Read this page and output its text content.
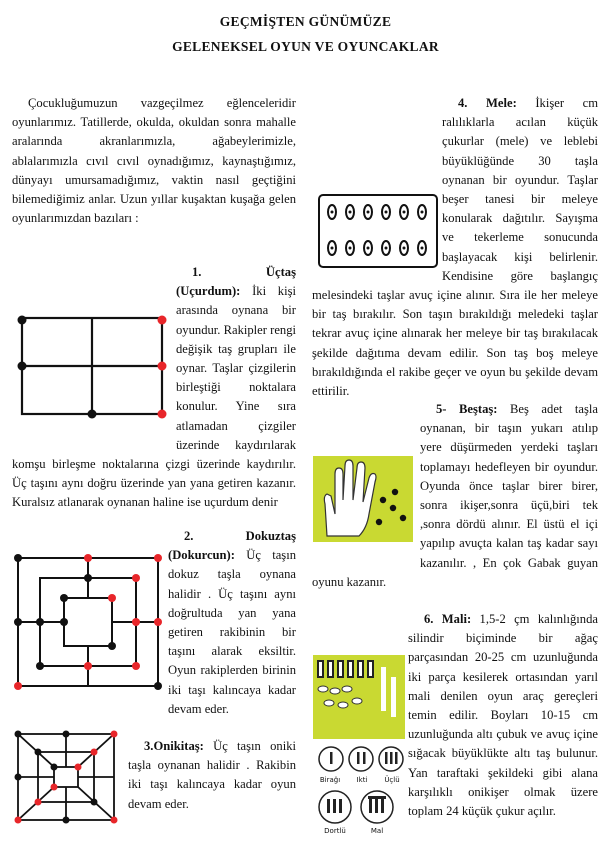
GEÇMİŞTEN GÜNÜMÜZE
GELENEKSEL OYUN VE OYUNCAKLAR
Çocukluğumuzun vazgeçilmez eğlenceleridir oyunlarımız. Tatillerde, okulda, okuldan sonra mahalle aralarında akranlarımızla, ağabeylerimizle, ablalarımızla cıvıl cıvıl oynadığımız, kaynaştığımız, dünyayı umursamadığımız, vaktin nasıl geçtiğini bilemediğimiz anlar. Uzun yıllar kuşaktan kuşağa gelen oyunlarımızdan bazıları :
1. Üçtaş (Uçurdum): İki kişi arasında oynana bir oyundur. Rakipler rengi değişik taş grupları ile oynar. Taşlar çizgilerin birleştiği noktalara konulur. Yine sıra atlamadan çizgiler üzerinde kaydırılarak komşu birleşme noktalarına çizgi üzerinde kaydırılır. Üç taşını aynı doğru üzerinde yan yana getiren kazanır. Kuralsız atlanarak oynanan haline ise uçurdum denir
2. Dokuztaş (Dokurcun): Üç taşın dokuz taşla oynana halidir . Üç taşını aynı doğrultuda yan yana getiren rakibinin bir taşını alarak eksiltir. Oyun rakiplerden birinin iki taşı kalıncaya kadar devam eder.
3.Onikitaş: Üç taşın oniki taşla oynanan halidir . Rakibin iki taşı kalıncaya kadar oyun devam eder.
4. Mele: İkişer cm ralılıklarla acılan küçük çukurlar (mele) ve leblebi büyüklüğünde 30 taşla oynanan bir oyundur. Taşlar beşer tanesi bir meleye konularak dağıtılır. Sayışma ve tekerleme sonucunda başlayacak kişi belirlenir. Kendisine göre başlangıç melesindeki taşlar avuç içine alınır. Sıra ile her meleye bir taş bırakılır. Son taşın bırakıldığı meledeki taşlar tekrar avuç içine alınarak her meleye bir taş bırakılacak şekilde dağıtıma devam edilir. Son taş boş meleye bırakıldığında el rakibe geçer ve oyun bu şekilde devam ettirilir.
5- Beştaş: Beş adet taşla oynanan, bir taşın yukarı atılıp yere düşürmeden yerdeki taşları toplamayı hedefleyen bir oyundur. Oyunda önce taşlar birer birer, sonra ikişer,sonra üçü,biri tek ,sonra dördü alınır. El üstü el içi yapılıp avuçta kalan taş kadar sayı kazanılır. , En çok Gabak guyan oyunu kazanır.
Birağı	Ikti	Üçlü
Dortlü	Mal
6. Mali: 1,5-2 çm kalınlığında silindir biçiminde bir ağaç parçasından 20-25 cm uzunluğunda iki parça kesilerek ortasından yarıl mali denilen oyun araç gereçleri temin edilir. Boyları 10-15 cm uzunluğunda altı çubuk ve avuç içine sığacak büyüklükte altı taş bulunur. Yan taraftaki şekildeki gibi alana karşılıklı onikişer olmak üzere toplam 24 küçük çukur açılır.
